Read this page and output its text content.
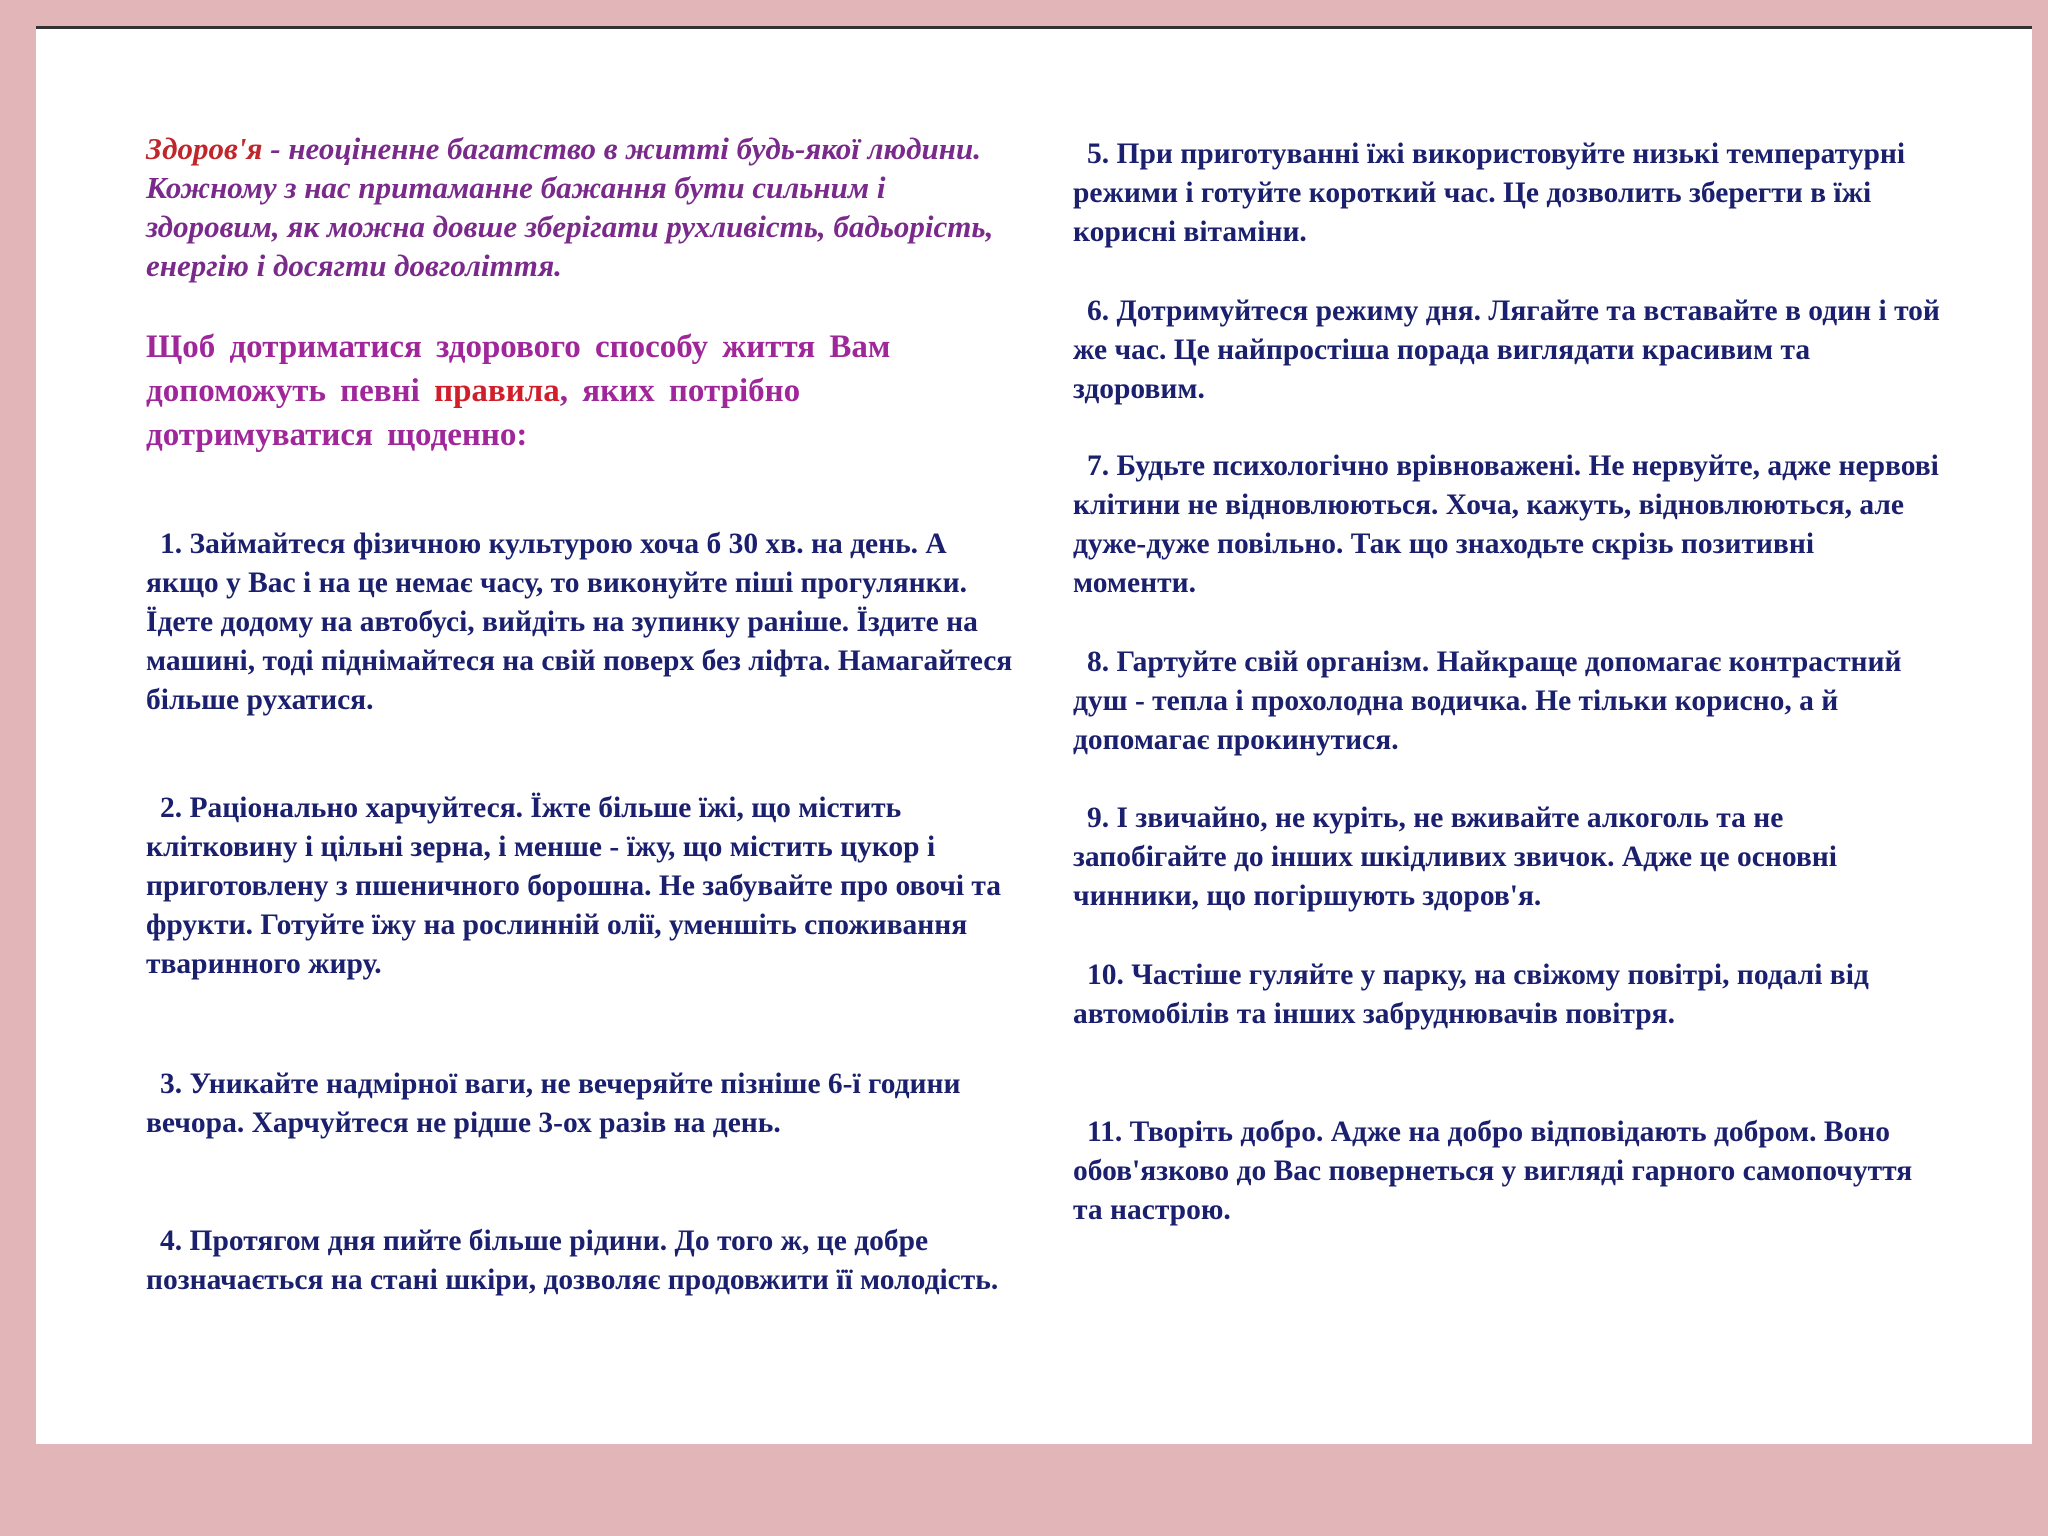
Здоров'я - неоціненне багатство в житті будь-якої людини. Кожному з нас притаманне бажання бути сильним і здоровим, як можна довше зберігати рухливість, бадьорість, енергію і досягти довголіття.

Щоб дотриматися здорового способу життя Вам допоможуть певні правила, яких потрібно дотримуватися щоденно:

1. Займайтеся фізичною культурою хоча б 30 хв. на день. А якщо у Вас і на це немає часу, то виконуйте піші прогулянки. Їдете додому на автобусі, вийдіть на зупинку раніше. Їздите на машині, тоді піднімайтеся на свій поверх без ліфта. Намагайтеся більше рухатися.

2. Раціонально харчуйтеся. Їжте більше їжі, що містить клітковину і цільні зерна, і менше - їжу, що містить цукор і приготовлену з пшеничного борошна. Не забувайте про овочі та фрукти. Готуйте їжу на рослинній олії, уменшіть споживання тваринного жиру.

3. Уникайте надмірної ваги, не вечеряйте пізніше 6-ї години вечора. Харчуйтеся не рідше 3-ох разів на день.

4. Протягом дня пийте більше рідини. До того ж, це добре позначається на стані шкіри, дозволяє продовжити її молодість.

5. При приготуванні їжі використовуйте низькі температурні режими і готуйте короткий час. Це дозволить зберегти в їжі корисні вітаміни.

6. Дотримуйтеся режиму дня. Лягайте та вставайте в один і той же час. Це найпростіша порада виглядати красивим та здоровим.

7. Будьте психологічно врівноважені. Не нервуйте, адже нервові клітини не відновлюються. Хоча, кажуть, відновлюються, але дуже-дуже повільно. Так що знаходьте скрізь позитивні моменти.

8. Гартуйте свій організм. Найкраще допомагає контрастний душ - тепла і прохолодна водичка. Не тільки корисно, а й допомагає прокинутися.

9. І звичайно, не куріть, не вживайте алкоголь та не запобігайте до інших шкідливих звичок. Адже це основні чинники, що погіршують здоров'я.

10. Частіше гуляйте у парку, на свіжому повітрі, подалі від автомобілів та інших забруднювачів повітря.

11. Творіть добро. Адже на добро відповідають добром. Воно обов'язково до Вас повернеться у вигляді гарного самопочуття та настрою.
